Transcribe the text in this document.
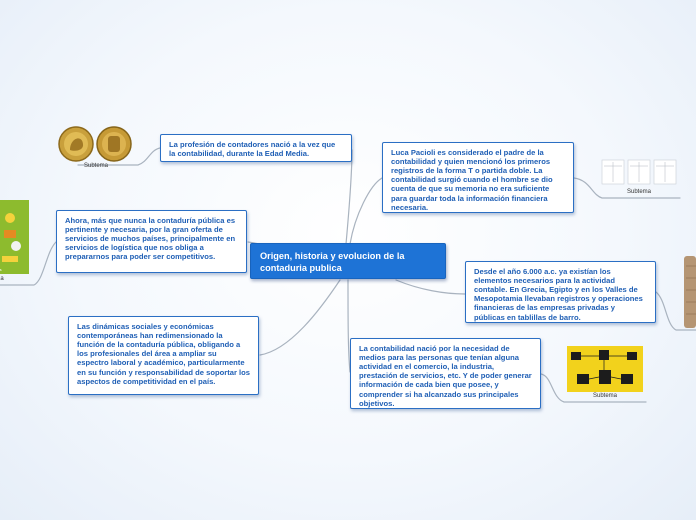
Subtema
a
Subtema
Subtema
Origen, historia y evolucion de la contaduria publica
La profesión de contadores nació a la vez que la contabilidad, durante la Edad Media.
Ahora, más que nunca la contaduría pública es pertinente y necesaria, por la gran oferta de servicios de muchos países, principalmente en servicios de logística que nos obliga a prepararnos para poder ser competitivos.
Las dinámicas sociales y económicas contemporáneas han redimensionado la función de la contaduría pública, obligando a los profesionales del área a ampliar su espectro laboral y académico, particularmente en su función y responsabilidad de soportar los aspectos de competitividad en el país.
Luca Pacioli es considerado el padre de la contabilidad y quien mencionó los primeros registros de la forma T o partida doble. La contabilidad surgió cuando el hombre se dio cuenta de que su memoria no era suficiente para guardar toda la información financiera necesaria.
Desde el año 6.000 a.c. ya existían los elementos necesarios para la actividad contable. En Grecia, Egipto y en los Valles de Mesopotamia llevaban registros y operaciones financieras de las empresas privadas y públicas en tablillas de barro.
La contabilidad nació por la necesidad de medios para las personas que tenían alguna actividad en el comercio, la industria, prestación de servicios, etc. Y de poder generar información de cada bien que posee, y comprender si ha alcanzado sus principales objetivos.
